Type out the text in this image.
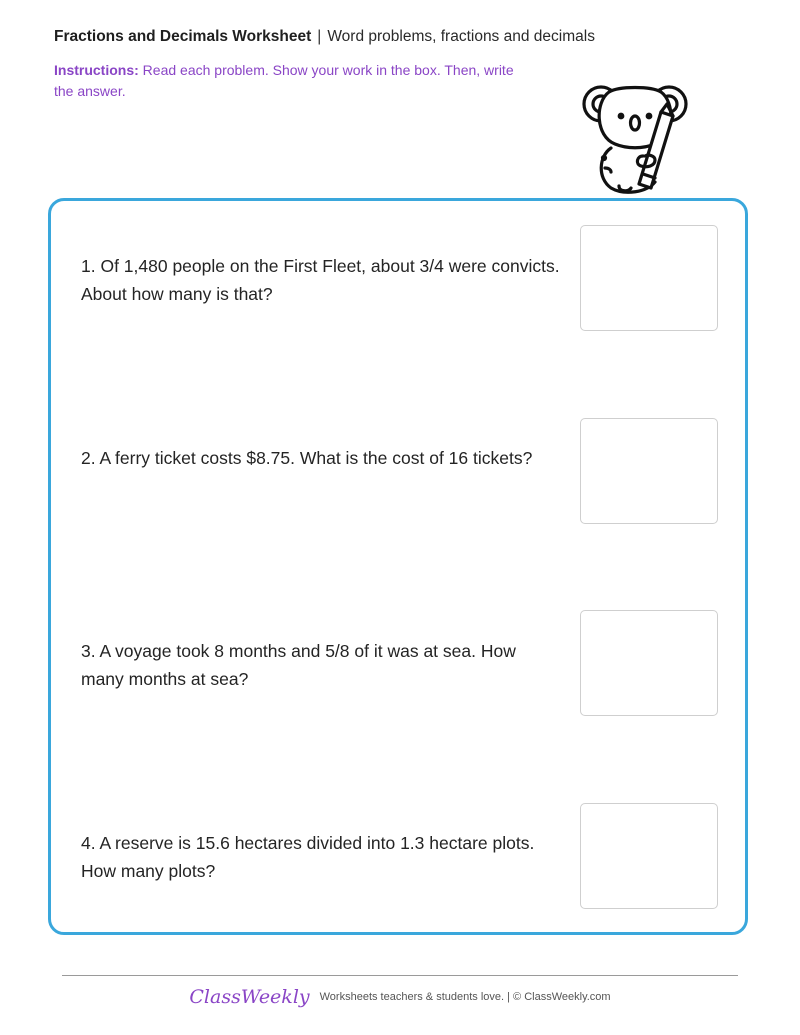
Fractions and Decimals Worksheet | Word problems, fractions and decimals
Instructions: Read each problem. Show your work in the box. Then, write the answer.
1. Of 1,480 people on the First Fleet, about 3/4 were convicts. About how many is that?
2. A ferry ticket costs $8.75. What is the cost of 16 tickets?
3. A voyage took 8 months and 5/8 of it was at sea. How many months at sea?
4. A reserve is 15.6 hectares divided into 1.3 hectare plots. How many plots?
ClassWeekly Worksheets teachers & students love. | © ClassWeekly.com
